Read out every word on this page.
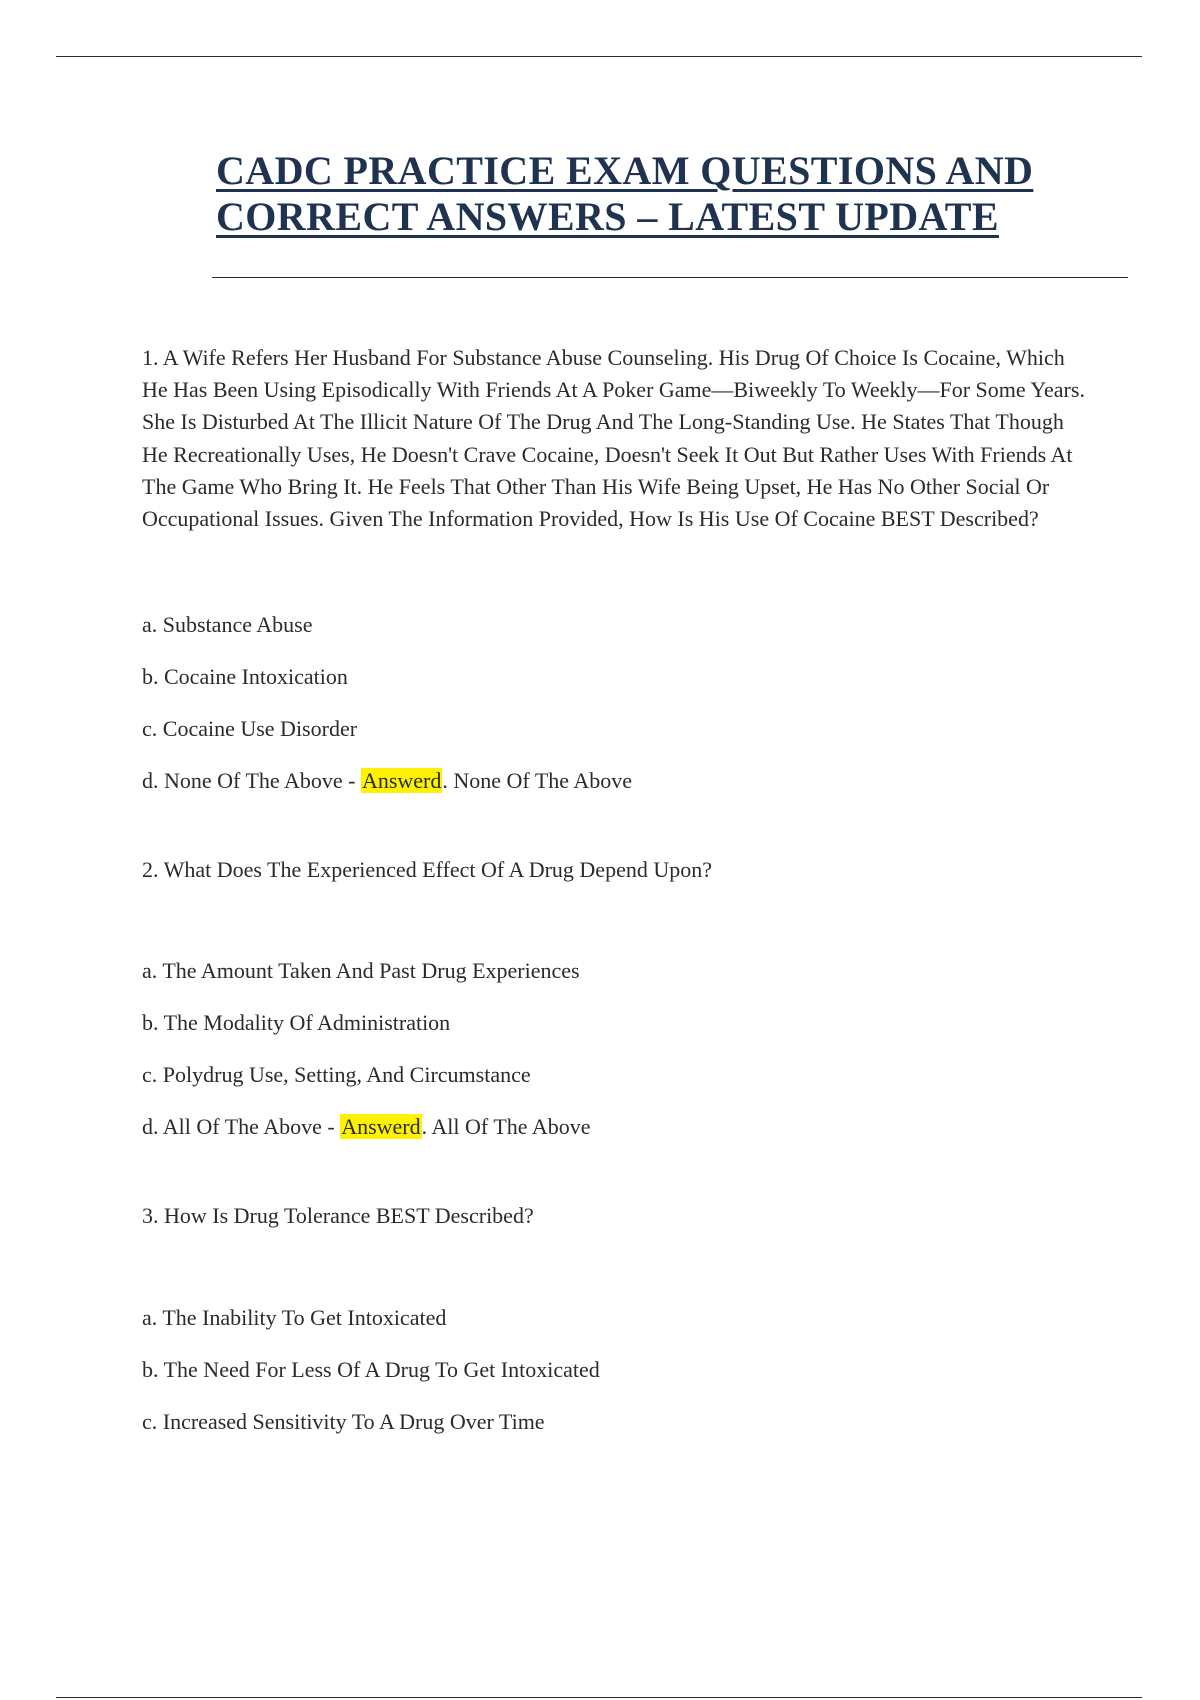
CADC PRACTICE EXAM QUESTIONS AND
CORRECT ANSWERS – LATEST UPDATE

1. A Wife Refers Her Husband For Substance Abuse Counseling. His Drug Of Choice Is Cocaine, Which He Has Been Using Episodically With Friends At A Poker Game—Biweekly To Weekly—For Some Years. She Is Disturbed At The Illicit Nature Of The Drug And The Long-Standing Use. He States That Though He Recreationally Uses, He Doesn't Crave Cocaine, Doesn't Seek It Out But Rather Uses With Friends At The Game Who Bring It. He Feels That Other Than His Wife Being Upset, He Has No Other Social Or Occupational Issues. Given The Information Provided, How Is His Use Of Cocaine BEST Described?

a. Substance Abuse

b. Cocaine Intoxication

c. Cocaine Use Disorder

d. None Of The Above - Answerd. None Of The Above

2. What Does The Experienced Effect Of A Drug Depend Upon?

a. The Amount Taken And Past Drug Experiences

b. The Modality Of Administration

c. Polydrug Use, Setting, And Circumstance

d. All Of The Above - Answerd. All Of The Above

3. How Is Drug Tolerance BEST Described?

a. The Inability To Get Intoxicated

b. The Need For Less Of A Drug To Get Intoxicated

c. Increased Sensitivity To A Drug Over Time
